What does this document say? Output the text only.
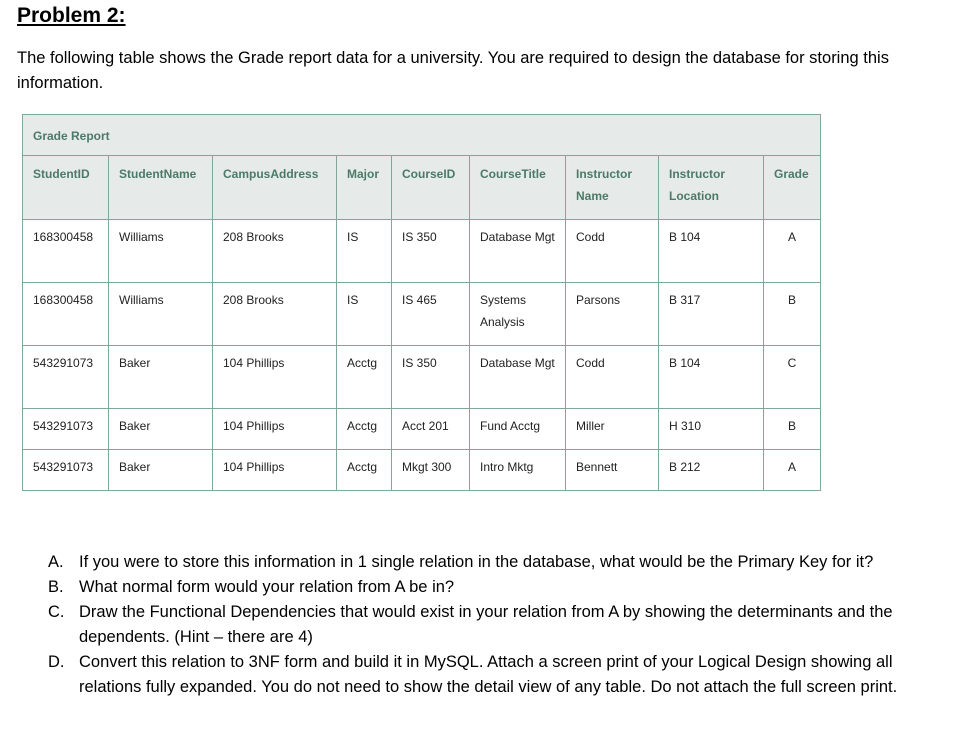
Problem 2:
The following table shows the Grade report data for a university. You are required to design the database for storing this information.
Grade Report								
StudentID	StudentName	CampusAddress	Major	CourseID	CourseTitle	Instructor Name	Instructor Location	Grade
168300458	Williams	208 Brooks	IS	IS 350	Database Mgt	Codd	B 104	A
168300458	Williams	208 Brooks	IS	IS 465	Systems Analysis	Parsons	B 317	B
543291073	Baker	104 Phillips	Acctg	IS 350	Database Mgt	Codd	B 104	C
543291073	Baker	104 Phillips	Acctg	Acct 201	Fund Acctg	Miller	H 310	B
543291073	Baker	104 Phillips	Acctg	Mkgt 300	Intro Mktg	Bennett	B 212	A
A. If you were to store this information in 1 single relation in the database, what would be the Primary Key for it?
B. What normal form would your relation from A be in?
C. Draw the Functional Dependencies that would exist in your relation from A by showing the determinants and the dependents. (Hint – there are 4)
D. Convert this relation to 3NF form and build it in MySQL. Attach a screen print of your Logical Design showing all relations fully expanded. You do not need to show the detail view of any table. Do not attach the full screen print.
